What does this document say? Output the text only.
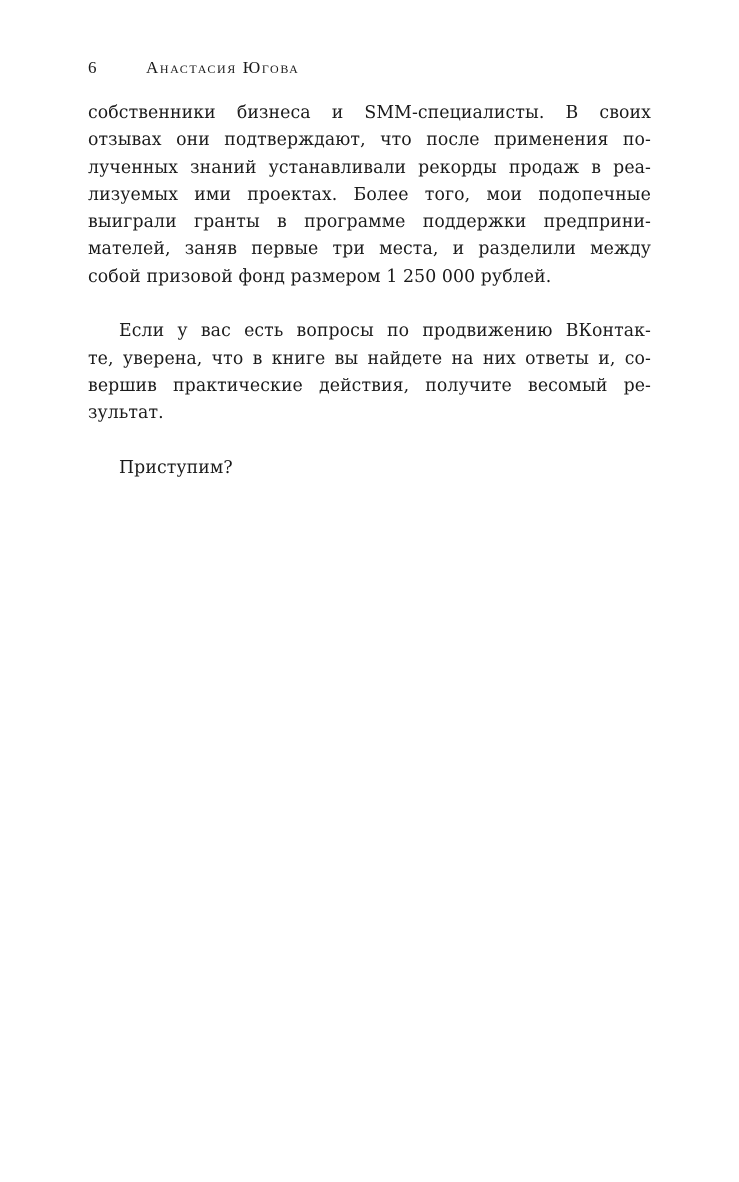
6	Анастасия Югова

собственники бизнеса и SMM-специалисты. В своих
отзывах они подтверждают, что после применения по-
лученных знаний устанавливали рекорды продаж в реа-
лизуемых ими проектах. Более того, мои подопечные
выиграли гранты в программе поддержки предприни-
мателей, заняв первые три места, и разделили между
собой призовой фонд размером 1 250 000 рублей.

Если у вас есть вопросы по продвижению ВКонтак-
те, уверена, что в книге вы найдете на них ответы и, со-
вершив практические действия, получите весомый ре-
зультат.

Приступим?
